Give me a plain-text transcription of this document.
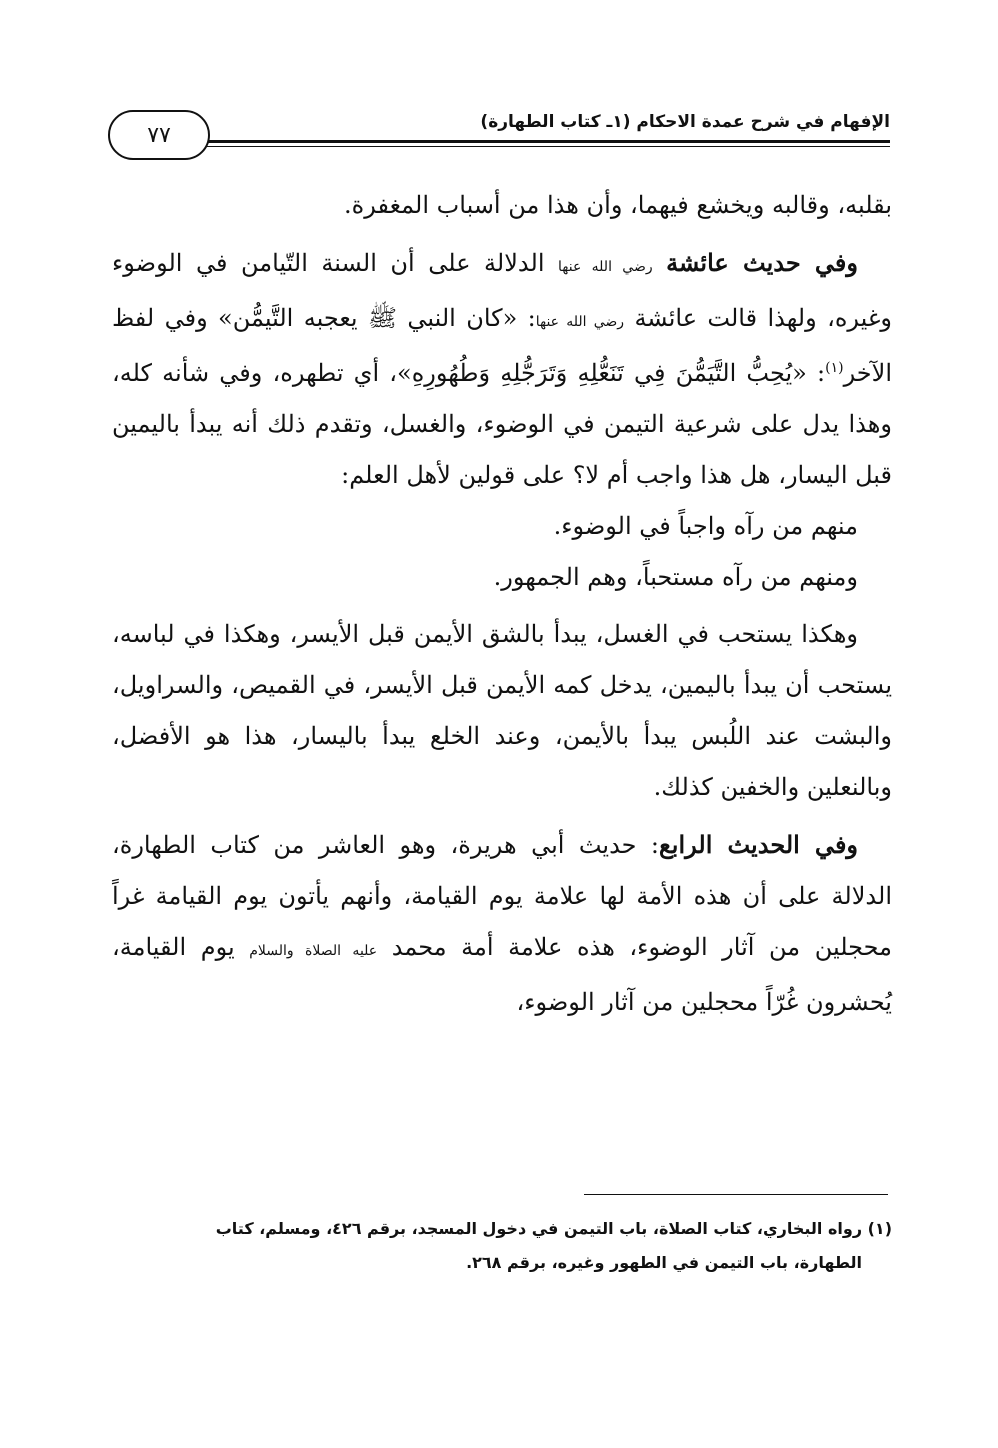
٧٧
الإفهام في شرح عمدة الاحكام (١ـ كتاب الطهارة)

بقلبه، وقالبه ويخشع فيهما، وأن هذا من أسباب المغفرة.

وفي حديث عائشة رضي الله عنها الدلالة على أن السنة التّيامن في الوضوء وغيره، ولهذا قالت عائشة رضي الله عنها: «كان النبي ﷺ يعجبه التَّيمُّن» وفي لفظ الآخر$^{(١)}$: «يُحِبُّ التَّيَمُّنَ فِي تَنَعُّلِهِ وَتَرَجُّلِهِ وَطُهُورِهِ»، أي تطهره، وفي شأنه كله، وهذا يدل على شرعية التيمن في الوضوء، والغسل، وتقدم ذلك أنه يبدأ باليمين قبل اليسار، هل هذا واجب أم لا؟ على قولين لأهل العلم:

منهم من رآه واجباً في الوضوء.

ومنهم من رآه مستحباً، وهم الجمهور.

وهكذا يستحب في الغسل، يبدأ بالشق الأيمن قبل الأيسر، وهكذا في لباسه، يستحب أن يبدأ باليمين، يدخل كمه الأيمن قبل الأيسر، في القميص، والسراويل، والبشت عند اللُبس يبدأ بالأيمن، وعند الخلع يبدأ باليسار، هذا هو الأفضل، وبالنعلين والخفين كذلك.

وفي الحديث الرابع: حديث أبي هريرة، وهو العاشر من كتاب الطهارة، الدلالة على أن هذه الأمة لها علامة يوم القيامة، وأنهم يأتون يوم القيامة غراً محجلين من آثار الوضوء، هذه علامة أمة محمد عليه الصلاة والسلام يوم القيامة، يُحشرون غُرّاً محجلين من آثار الوضوء،

(١) رواه البخاري، كتاب الصلاة، باب التيمن في دخول المسجد، برقم ٤٢٦، ومسلم، كتاب

الطهارة، باب التيمن في الطهور وغيره، برقم ٢٦٨.
